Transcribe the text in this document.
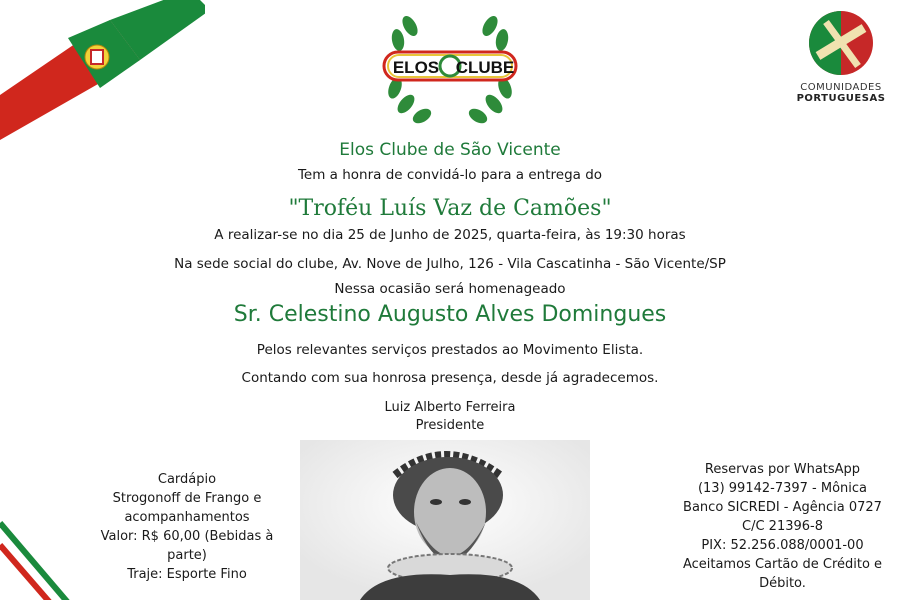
ELOS CLUBE
COMUNIDADES
PORTUGUESAS
Elos Clube de São Vicente
Tem a honra de convidá-lo para a entrega do
"Troféu Luís Vaz de Camões"
A realizar-se no dia 25 de Junho de 2025, quarta-feira, às 19:30 horas
Na sede social do clube, Av. Nove de Julho, 126 - Vila Cascatinha - São Vicente/SP
Nessa ocasião será homenageado
Sr. Celestino Augusto Alves Domingues
Pelos relevantes serviços prestados ao Movimento Elista.
Contando com sua honrosa presença, desde já agradecemos.
Luiz Alberto Ferreira
Presidente
Cardápio
Strogonoff de Frango e acompanhamentos
Valor: R$ 60,00 (Bebidas à parte)
Traje: Esporte Fino
Reservas por WhatsApp
(13) 99142-7397 - Mônica
Banco SICREDI - Agência 0727
C/C 21396-8
PIX: 52.256.088/0001-00
Aceitamos Cartão de Crédito e Débito.
